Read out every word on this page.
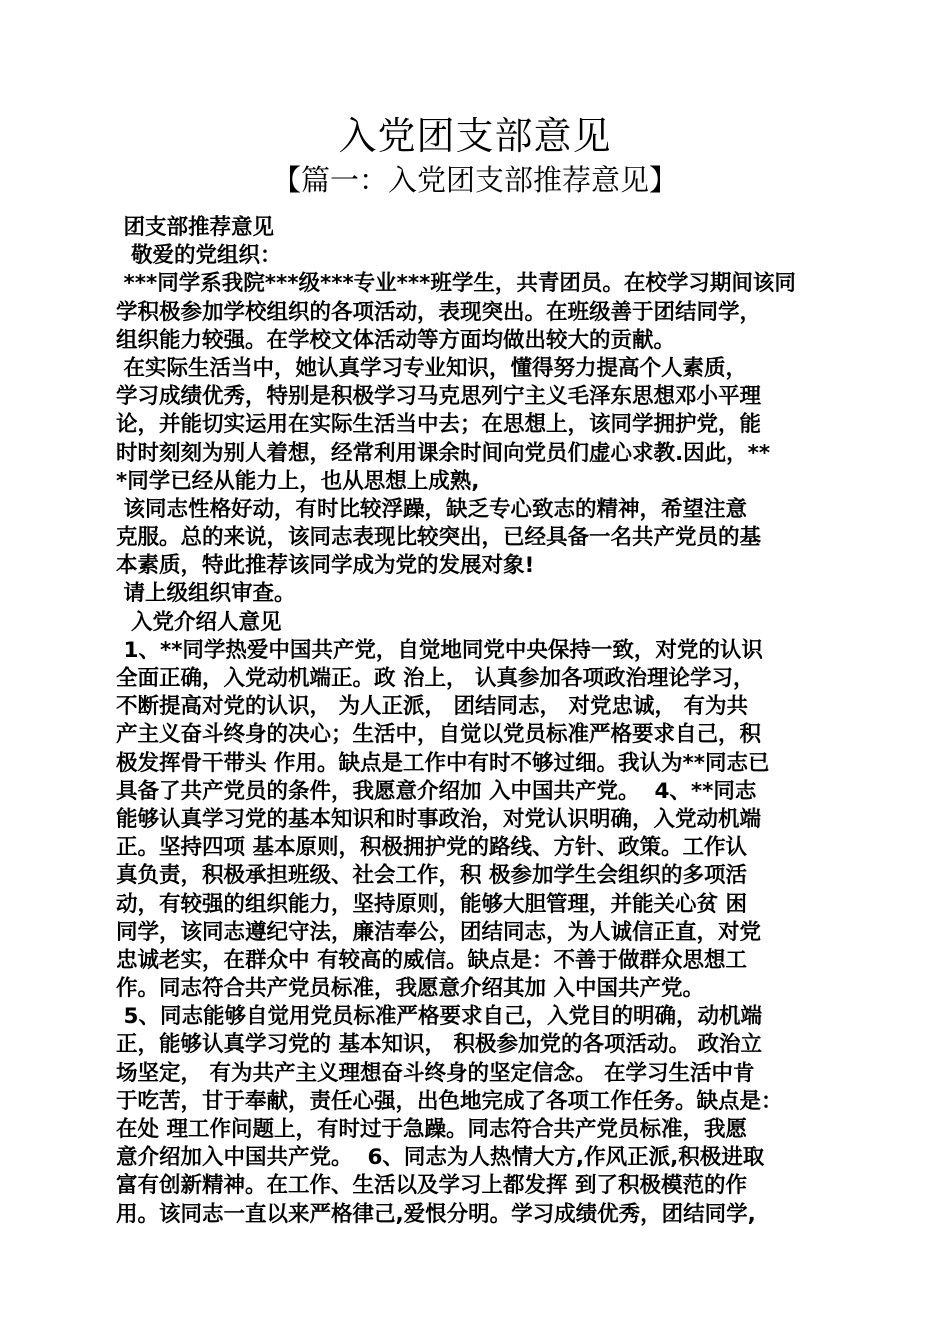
入党团支部意见
【篇一：入党团支部推荐意见】
团支部推荐意见
敬爱的党组织：
***同学系我院***级***专业***班学生，共青团员。在校学习期间该同
学积极参加学校组织的各项活动，表现突出。在班级善于团结同学，
组织能力较强。在学校文体活动等方面均做出较大的贡献。
在实际生活当中，她认真学习专业知识，懂得努力提高个人素质，
学习成绩优秀，特别是积极学习马克思列宁主义毛泽东思想邓小平理
论，并能切实运用在实际生活当中去；在思想上，该同学拥护党，能
时时刻刻为别人着想，经常利用课余时间向党员们虚心求教.因此，**
*同学已经从能力上，也从思想上成熟,
该同志性格好动，有时比较浮躁，缺乏专心致志的精神，希望注意
克服。总的来说，该同志表现比较突出，已经具备一名共产党员的基
本素质，特此推荐该同学成为党的发展对象!
请上级组织审查。
入党介绍人意见
1、**同学热爱中国共产党，自觉地同党中央保持一致，对党的认识
全面正确，入党动机端正。政 治上， 认真参加各项政治理论学习，
不断提高对党的认识， 为人正派， 团结同志， 对党忠诚， 有为共
产主义奋斗终身的决心；生活中，自觉以党员标准严格要求自己，积
极发挥骨干带头 作用。缺点是工作中有时不够过细。我认为**同志已
具备了共产党员的条件，我愿意介绍加 入中国共产党。  4、**同志
能够认真学习党的基本知识和时事政治，对党认识明确，入党动机端
正。坚持四项 基本原则，积极拥护党的路线、方针、政策。工作认
真负责，积极承担班级、社会工作，积 极参加学生会组织的多项活
动，有较强的组织能力，坚持原则，能够大胆管理，并能关心贫 困
同学，该同志遵纪守法，廉洁奉公，团结同志，为人诚信正直，对党
忠诚老实，在群众中 有较高的威信。缺点是：不善于做群众思想工
作。同志符合共产党员标准，我愿意介绍其加 入中国共产党。
5、同志能够自觉用党员标准严格要求自己，入党目的明确，动机端
正，能够认真学习党的 基本知识， 积极参加党的各项活动。 政治立
场坚定， 有为共产主义理想奋斗终身的坚定信念。 在学习生活中肯
于吃苦，甘于奉献，责任心强，出色地完成了各项工作任务。缺点是：
在处 理工作问题上，有时过于急躁。同志符合共产党员标准，我愿
意介绍加入中国共产党。  6、同志为人热情大方,作风正派,积极进取
富有创新精神。在工作、生活以及学习上都发挥 到了积极模范的作
用。该同志一直以来严格律己,爱恨分明。学习成绩优秀，团结同学,
